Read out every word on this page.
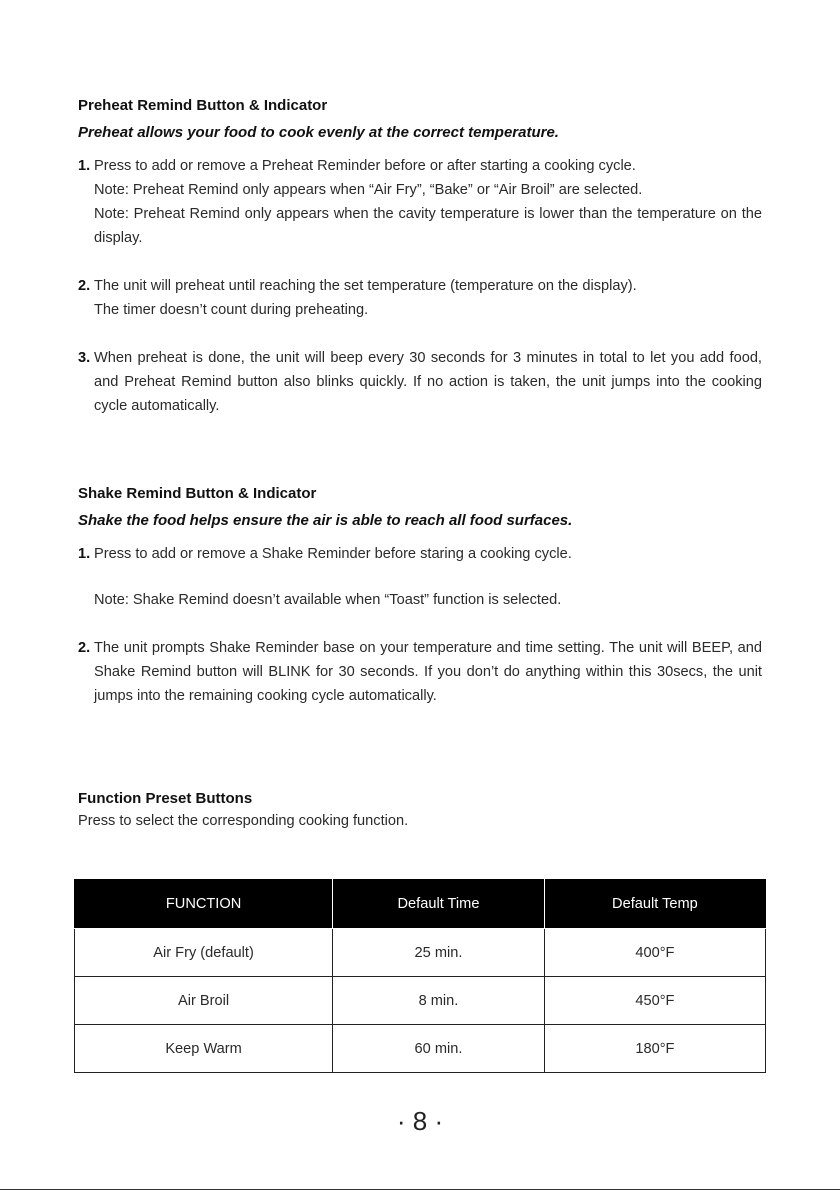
Preheat Remind Button & Indicator

Preheat allows your food to cook evenly at the correct temperature.

1. Press to add or remove a Preheat Reminder before or after starting a cooking cycle.
Note: Preheat Remind only appears when “Air Fry”, “Bake” or “Air Broil” are selected.
Note: Preheat Remind only appears when the cavity temperature is lower than the temperature on the display.
2. The unit will preheat until reaching the set temperature (temperature on the display).
The timer doesn’t count during preheating.
3. When preheat is done, the unit will beep every 30 seconds for 3 minutes in total to let you add food, and Preheat Remind button also blinks quickly. If no action is taken, the unit jumps into the cooking cycle automatically.

Shake Remind Button & Indicator

Shake the food helps ensure the air is able to reach all food surfaces.

1. Press to add or remove a Shake Reminder before staring a cooking cycle.
Note: Shake Remind doesn’t available when “Toast” function is selected.
2. The unit prompts Shake Reminder base on your temperature and time setting. The unit will BEEP, and Shake Remind button will BLINK for 30 seconds. If you don’t do anything within this 30secs, the unit jumps into the remaining cooking cycle automatically.

Function Preset Buttons

Press to select the corresponding cooking function.

FUNCTION	Default Time	Default Temp
Air Fry (default)	25 min.	400°F
Air Broil	8 min.	450°F
Keep Warm	60 min.	180°F
· 8 ·
